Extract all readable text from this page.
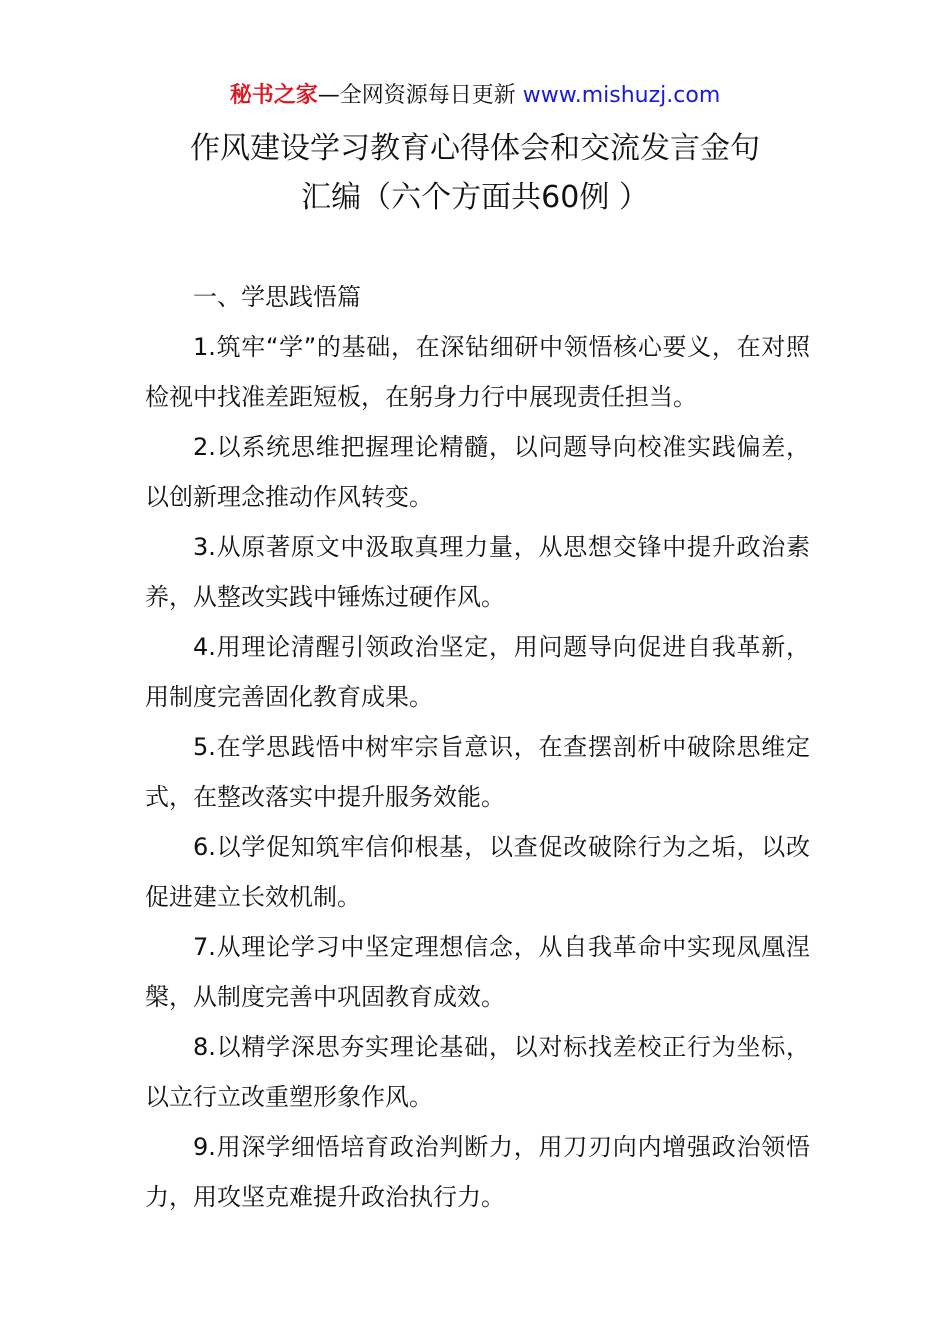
秘书之家—全网资源每日更新 www.mishuzj.com
作风建设学习教育心得体会和交流发言金句
汇编（六个方面共60例 ）
一、学思践悟篇

1.筑牢“学”的基础，在深钻细研中领悟核心要义，在对照检视中找准差距短板，在躬身力行中展现责任担当。

2.以系统思维把握理论精髓，以问题导向校准实践偏差，以创新理念推动作风转变。

3.从原著原文中汲取真理力量，从思想交锋中提升政治素养，从整改实践中锤炼过硬作风。

4.用理论清醒引领政治坚定，用问题导向促进自我革新，用制度完善固化教育成果。

5.在学思践悟中树牢宗旨意识，在查摆剖析中破除思维定式，在整改落实中提升服务效能。

6.以学促知筑牢信仰根基，以查促改破除行为之垢，以改促进建立长效机制。

7.从理论学习中坚定理想信念，从自我革命中实现凤凰涅槃，从制度完善中巩固教育成效。

8.以精学深思夯实理论基础，以对标找差校正行为坐标，以立行立改重塑形象作风。

9.用深学细悟培育政治判断力，用刀刃向内增强政治领悟力，用攻坚克难提升政治执行力。
